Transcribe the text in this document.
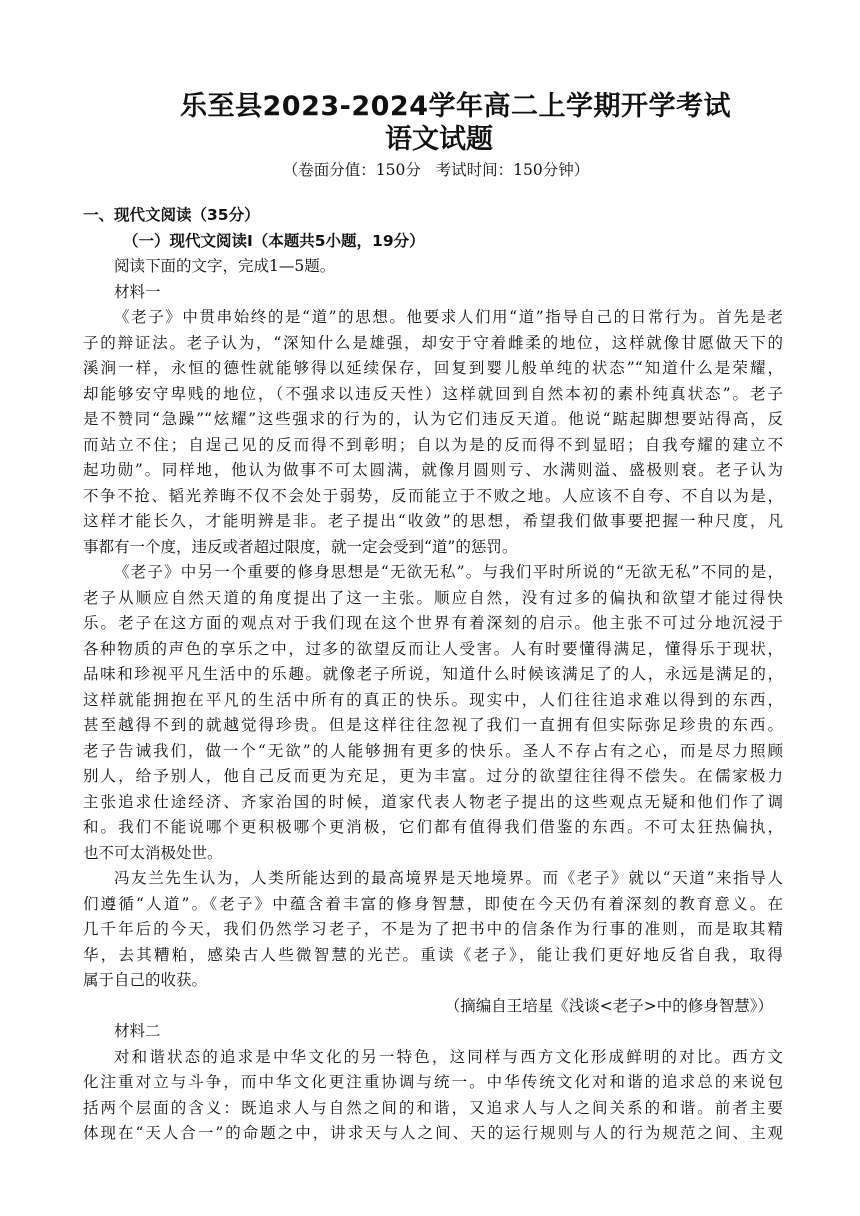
乐至县2023-2024学年高二上学期开学考试
语文试题
（卷面分值：150分   考试时间：150分钟）
一、现代文阅读（35分）
（一）现代文阅读Ⅰ（本题共5小题，19分）
阅读下面的文字，完成1—5题。
材料一
《老子》中贯串始终的是“道”的思想。他要求人们用“道”指导自己的日常行为。首先是老
子的辩证法。老子认为，“深知什么是雄强，却安于守着雌柔的地位，这样就像甘愿做天下的
溪涧一样，永恒的德性就能够得以延续保存，回复到婴儿般单纯的状态”“知道什么是荣耀，
却能够安守卑贱的地位，（不强求以违反天性）这样就回到自然本初的素朴纯真状态”。老子
是不赞同“急躁”“炫耀”这些强求的行为的，认为它们违反天道。他说“踮起脚想要站得高，反
而站立不住；自逞己见的反而得不到彰明；自以为是的反而得不到显昭；自我夸耀的建立不
起功勋”。同样地，他认为做事不可太圆满，就像月圆则亏、水满则溢、盛极则衰。老子认为
不争不抢、韬光养晦不仅不会处于弱势，反而能立于不败之地。人应该不自夸、不自以为是，
这样才能长久，才能明辨是非。老子提出“收敛”的思想，希望我们做事要把握一种尺度，凡
事都有一个度，违反或者超过限度，就一定会受到“道”的惩罚。
《老子》中另一个重要的修身思想是“无欲无私”。与我们平时所说的“无欲无私”不同的是，
老子从顺应自然天道的角度提出了这一主张。顺应自然，没有过多的偏执和欲望才能过得快
乐。老子在这方面的观点对于我们现在这个世界有着深刻的启示。他主张不可过分地沉浸于
各种物质的声色的享乐之中，过多的欲望反而让人受害。人有时要懂得满足，懂得乐于现状，
品味和珍视平凡生活中的乐趣。就像老子所说，知道什么时候该满足了的人，永远是满足的，
这样就能拥抱在平凡的生活中所有的真正的快乐。现实中，人们往往追求难以得到的东西，
甚至越得不到的就越觉得珍贵。但是这样往往忽视了我们一直拥有但实际弥足珍贵的东西。
老子告诫我们，做一个“无欲”的人能够拥有更多的快乐。圣人不存占有之心，而是尽力照顾
别人，给予别人，他自己反而更为充足，更为丰富。过分的欲望往往得不偿失。在儒家极力
主张追求仕途经济、齐家治国的时候，道家代表人物老子提出的这些观点无疑和他们作了调
和。我们不能说哪个更积极哪个更消极，它们都有值得我们借鉴的东西。不可太狂热偏执，
也不可太消极处世。
冯友兰先生认为，人类所能达到的最高境界是天地境界。而《老子》就以“天道”来指导人
们遵循“人道”。《老子》中蕴含着丰富的修身智慧，即使在今天仍有着深刻的教育意义。在
几千年后的今天，我们仍然学习老子，不是为了把书中的信条作为行事的准则，而是取其精
华，去其糟粕，感染古人些微智慧的光芒。重读《老子》，能让我们更好地反省自我，取得
属于自己的收获。
（摘编自王培星《浅谈<老子>中的修身智慧》）
材料二
对和谐状态的追求是中华文化的另一特色，这同样与西方文化形成鲜明的对比。西方文
化注重对立与斗争，而中华文化更注重协调与统一。中华传统文化对和谐的追求总的来说包
括两个层面的含义：既追求人与自然之间的和谐，又追求人与人之间关系的和谐。前者主要
体现在“天人合一”的命题之中，讲求天与人之间、天的运行规则与人的行为规范之间、主观
